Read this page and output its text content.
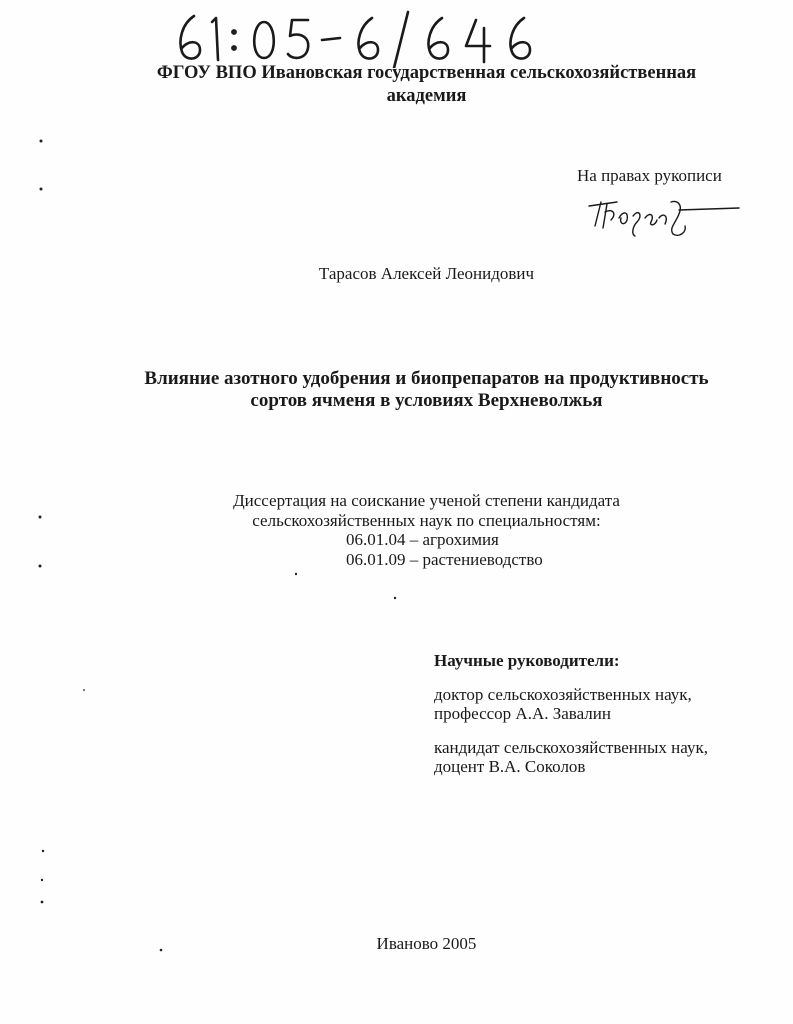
ФГОУ ВПО Ивановская государственная сельскохозяйственная
академия
На правах рукописи
Тарасов Алексей Леонидович
Влияние азотного удобрения и биопрепаратов на продуктивность
сортов ячменя в условиях Верхневолжья
Диссертация на соискание ученой степени кандидата
сельскохозяйственных наук по специальностям:
06.01.04 – агрохимия
06.01.09 – растениеводство
Научные руководители:
доктор сельскохозяйственных наук,
профессор А.А. Завалин
кандидат сельскохозяйственных наук,
доцент В.А. Соколов
Иваново 2005
